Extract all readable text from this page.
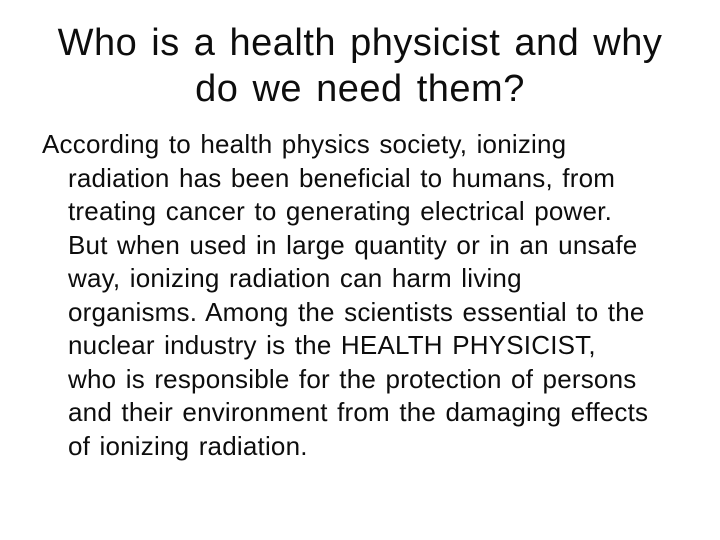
Who is a health physicist and why
do we need them?
According to health physics society, ionizing
radiation has been beneficial to humans, from
treating cancer to generating electrical power.
But when used in large quantity or in an unsafe
way, ionizing radiation can harm living
organisms. Among the scientists essential to the
nuclear industry is the HEALTH PHYSICIST,
who is responsible for the protection of persons
and their environment from the damaging effects
of ionizing radiation.
